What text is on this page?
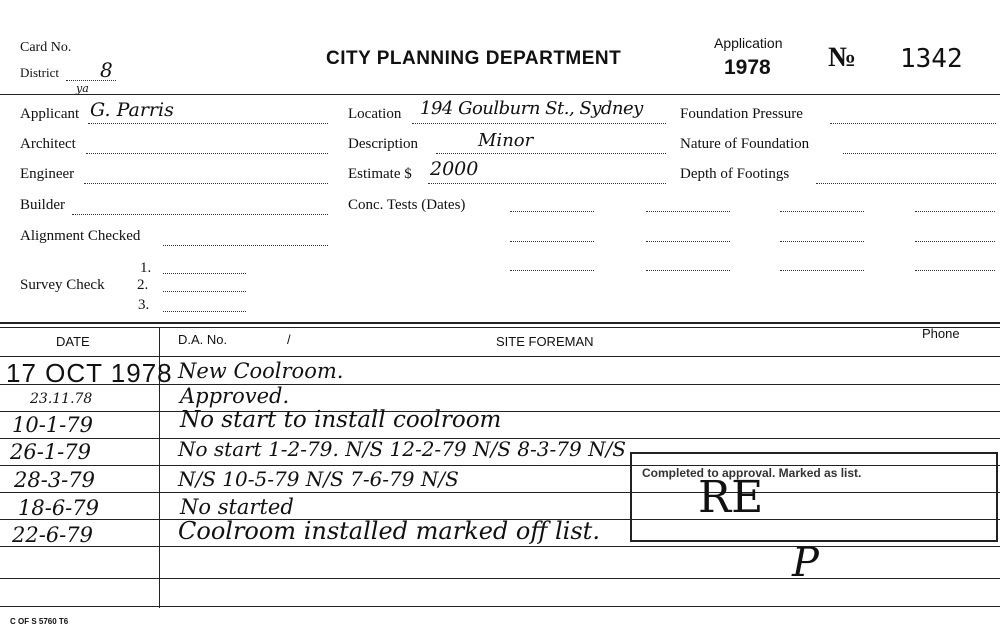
Card No.
District 8
ya
CITY PLANNING DEPARTMENT
Application
1978 № 1342
Applicant G. Parris
Architect
Engineer
Builder
Alignment Checked
Survey Check
1.
2.
3.
Location 194 Goulburn St., Sydney
Description	Minor
Estimate $ 2000
Conc. Tests (Dates)
Foundation Pressure
Nature of Foundation
Depth of Footings
DATE	D.A. No.	/	SITE FOREMAN
Phone
17 OCT 1978 New Coolroom.
23.11.78	Approved.
10-1-79	No start to install coolroom
26-1-79	No start 1-2-79. N/S 12-2-79 N/S 8-3-79 N/S
28-3-79	N/S 10-5-79 N/S 7-6-79 N/S
18-6-79	No started
22-6-79	Coolroom installed marked off list.
Completed to approval. Marked as list.
RE
P
C OF S 5760 T6
